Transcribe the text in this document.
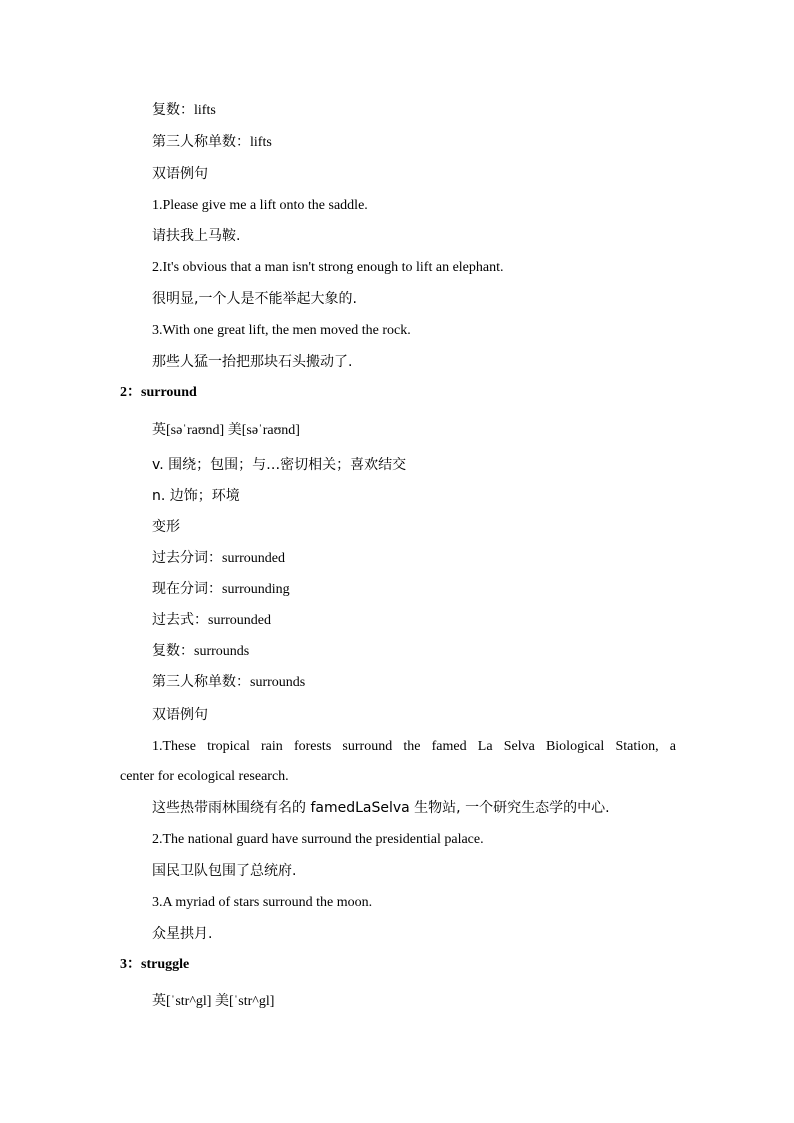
复数：lifts
第三人称单数：lifts
双语例句
1.Please give me a lift onto the saddle.
请扶我上马鞍.
2.It's obvious that a man isn't strong enough to lift an elephant.
很明显,一个人是不能举起大象的.
3.With one great lift, the men moved the rock.
那些人猛一抬把那块石头搬动了.
2：surround
英[səˈraʊnd] 美[səˈraʊnd]
v. 围绕；包围；与…密切相关；喜欢结交
n. 边饰；环境
变形
过去分词：surrounded
现在分词：surrounding
过去式：surrounded
复数：surrounds
第三人称单数：surrounds
双语例句
1.These tropical rain forests surround the famed La Selva Biological Station, a
center for ecological research.
这些热带雨林围绕有名的 famedLaSelva 生物站, 一个研究生态学的中心.
2.The national guard have surround the presidential palace.
国民卫队包围了总统府.
3.A myriad of stars surround the moon.
众星拱月.
3：struggle
英[ˈstr^gl] 美[ˈstr^gl]
